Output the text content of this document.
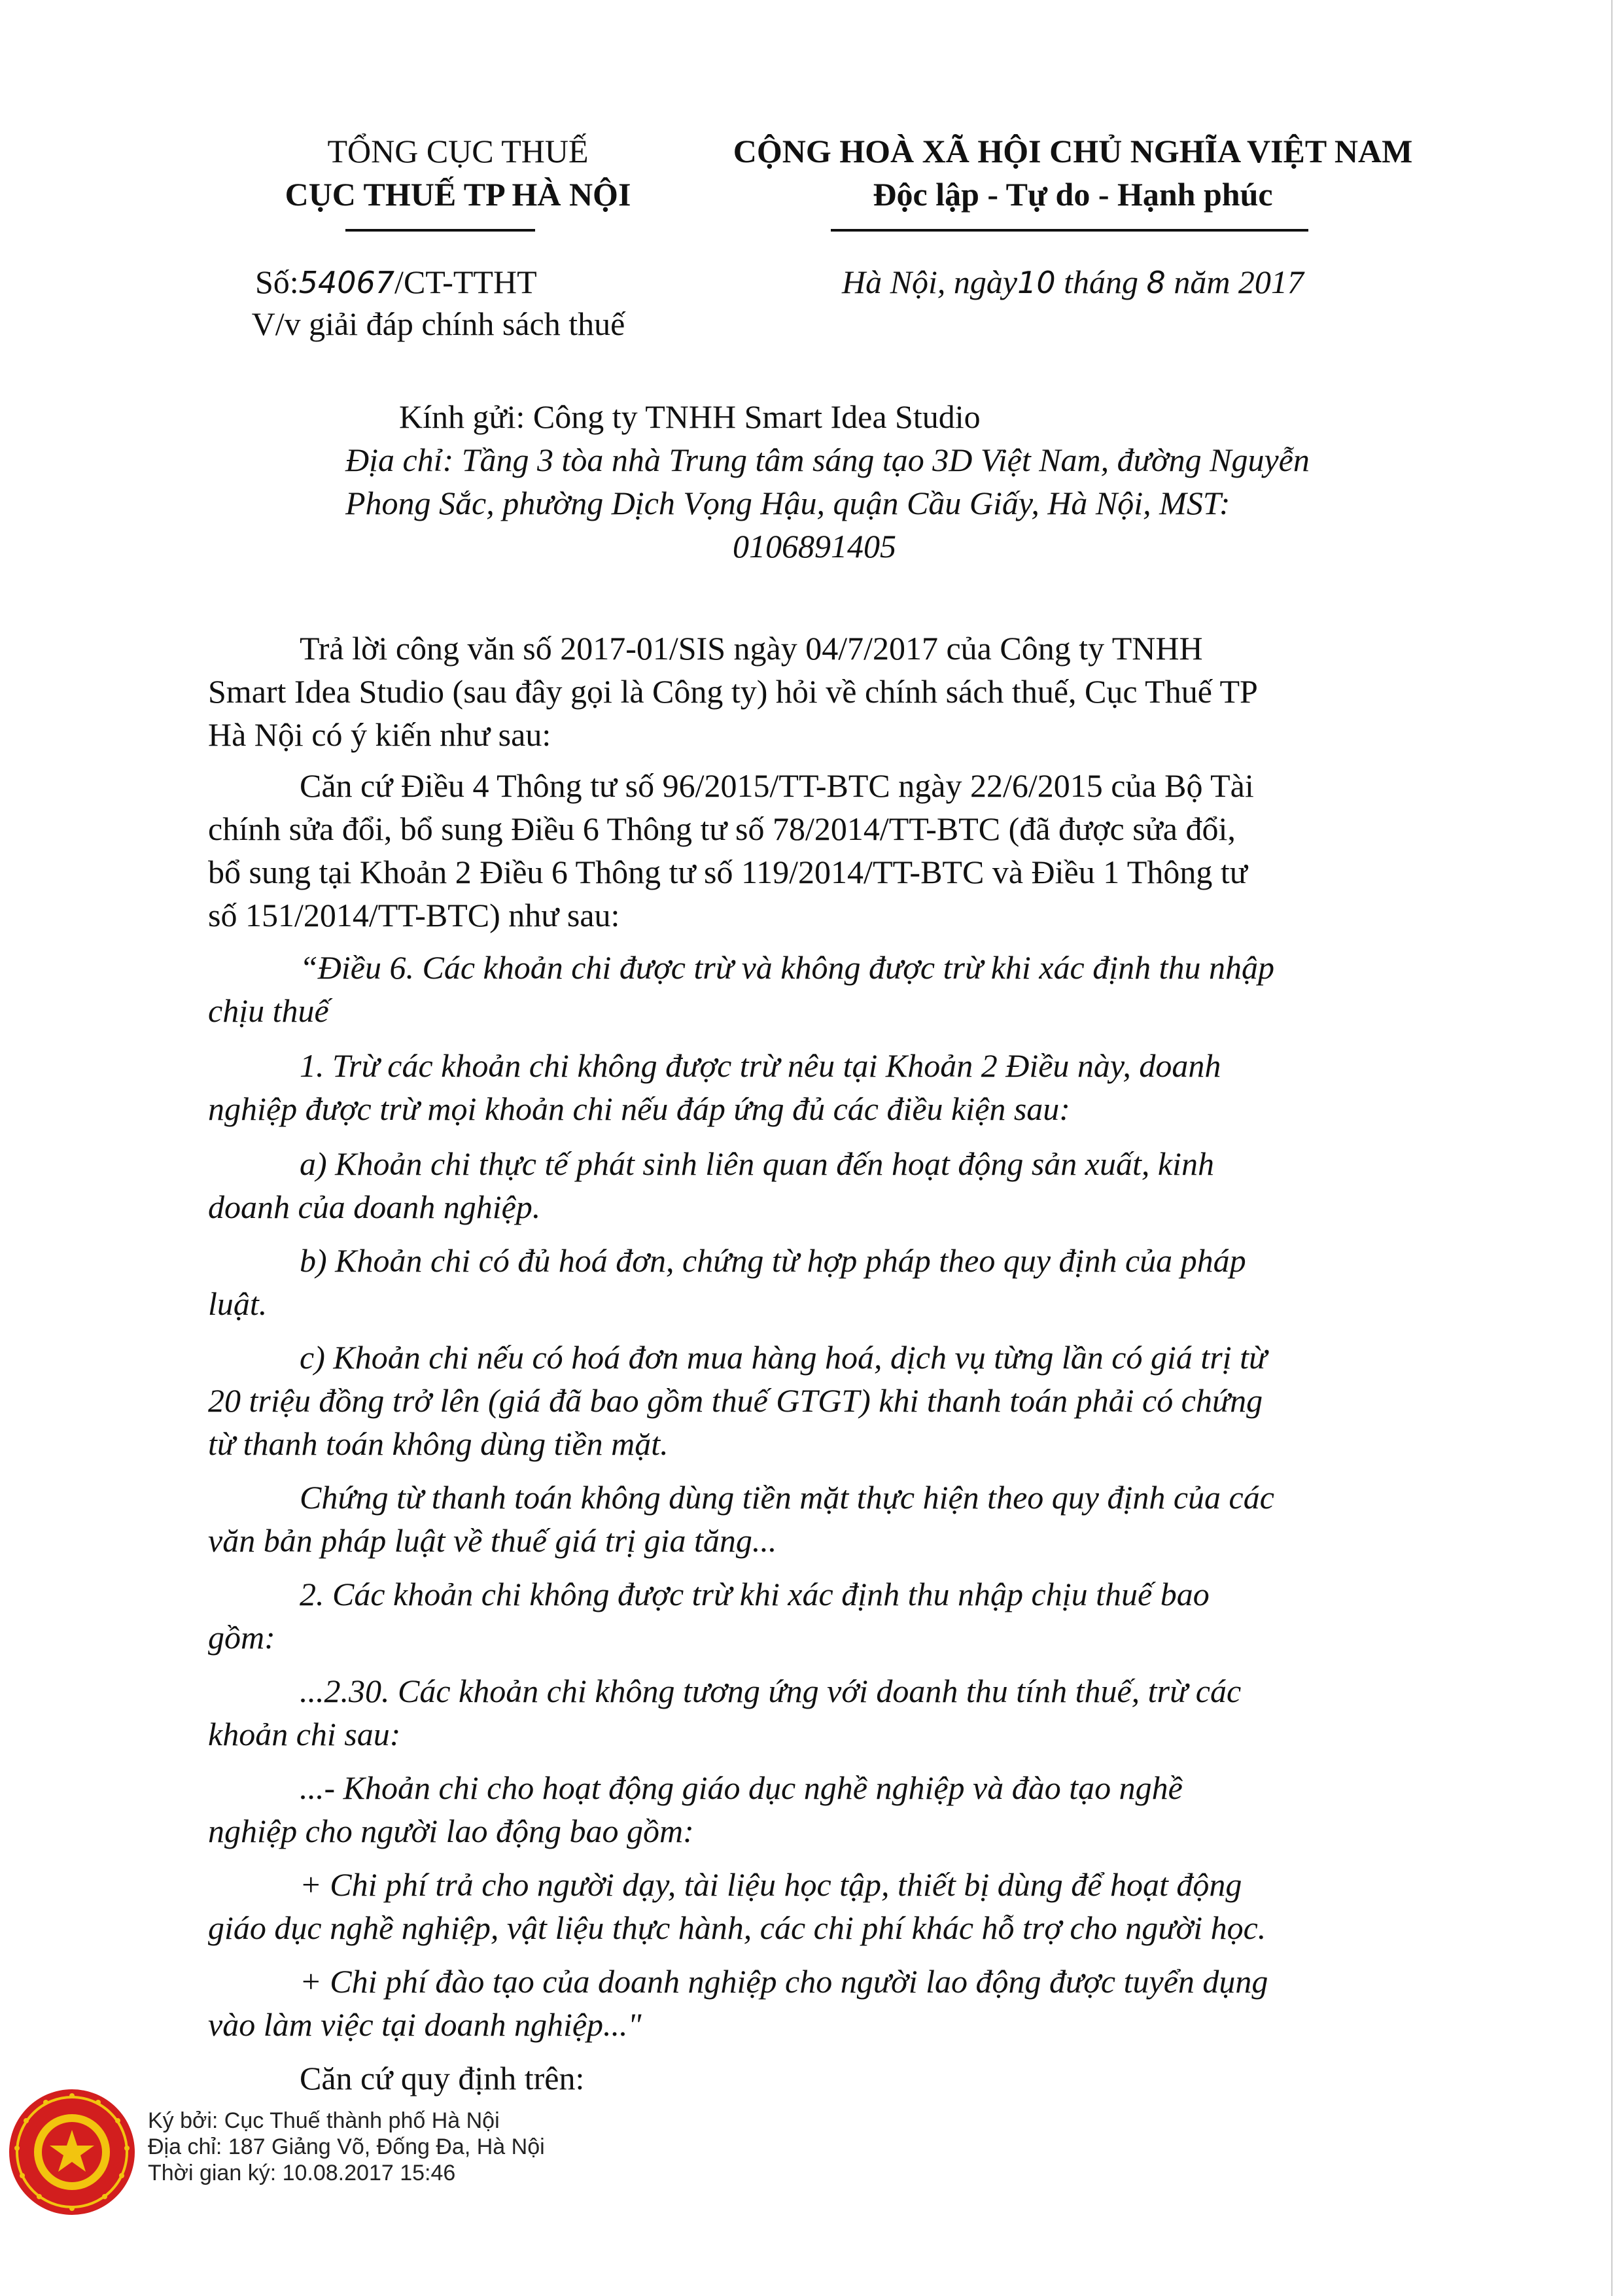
TỔNG CỤC THUẾ
CỤC THUẾ TP HÀ NỘI
Số:54067/CT-TTHT
V/v giải đáp chính sách thuế
CỘNG HOÀ XÃ HỘI CHỦ NGHĨA VIỆT NAM
Độc lập - Tự do - Hạnh phúc
Hà Nội, ngày10 tháng 8 năm 2017
Kính gửi: Công ty TNHH Smart Idea Studio
Địa chỉ: Tầng 3 tòa nhà Trung tâm sáng tạo 3D Việt Nam, đường Nguyễn
Phong Sắc, phường Dịch Vọng Hậu, quận Cầu Giấy, Hà Nội, MST:
0106891405
Trả lời công văn số 2017-01/SIS ngày 04/7/2017 của Công ty TNHH
Smart Idea Studio (sau đây gọi là Công ty) hỏi về chính sách thuế, Cục Thuế TP
Hà Nội có ý kiến như sau:
Căn cứ Điều 4 Thông tư số 96/2015/TT-BTC ngày 22/6/2015 của Bộ Tài
chính sửa đổi, bổ sung Điều 6 Thông tư số 78/2014/TT-BTC (đã được sửa đổi,
bổ sung tại Khoản 2 Điều 6 Thông tư số 119/2014/TT-BTC và Điều 1 Thông tư
số 151/2014/TT-BTC) như sau:
“Điều 6. Các khoản chi được trừ và không được trừ khi xác định thu nhập
chịu thuế
1. Trừ các khoản chi không được trừ nêu tại Khoản 2 Điều này, doanh
nghiệp được trừ mọi khoản chi nếu đáp ứng đủ các điều kiện sau:
a) Khoản chi thực tế phát sinh liên quan đến hoạt động sản xuất, kinh
doanh của doanh nghiệp.
b) Khoản chi có đủ hoá đơn, chứng từ hợp pháp theo quy định của pháp
luật.
c) Khoản chi nếu có hoá đơn mua hàng hoá, dịch vụ từng lần có giá trị từ
20 triệu đồng trở lên (giá đã bao gồm thuế GTGT) khi thanh toán phải có chứng
từ thanh toán không dùng tiền mặt.
Chứng từ thanh toán không dùng tiền mặt thực hiện theo quy định của các
văn bản pháp luật về thuế giá trị gia tăng...
2. Các khoản chi không được trừ khi xác định thu nhập chịu thuế bao
gồm:
...2.30. Các khoản chi không tương ứng với doanh thu tính thuế, trừ các
khoản chi sau:
...- Khoản chi cho hoạt động giáo dục nghề nghiệp và đào tạo nghề
nghiệp cho người lao động bao gồm:
+ Chi phí trả cho người dạy, tài liệu học tập, thiết bị dùng để hoạt động
giáo dục nghề nghiệp, vật liệu thực hành, các chi phí khác hỗ trợ cho người học.
+ Chi phí đào tạo của doanh nghiệp cho người lao động được tuyển dụng
vào làm việc tại doanh nghiệp..."
Căn cứ quy định trên:
Ký bởi: Cục Thuế thành phố Hà Nội
Địa chỉ: 187 Giảng Võ, Đống Đa, Hà Nội
Thời gian ký: 10.08.2017 15:46
